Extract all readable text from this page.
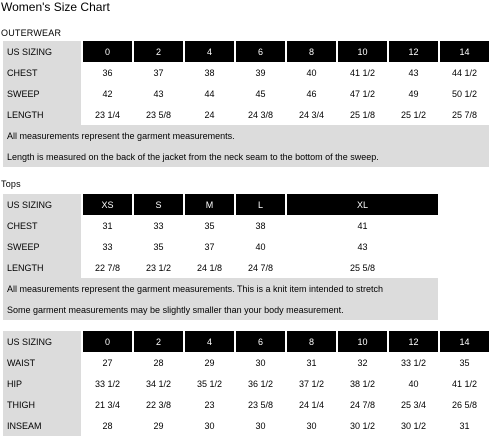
Women's Size Chart
OUTERWEAR
US SIZING	0	2	4	6	8	10	12	14
CHEST	36	37	38	39	40	41 1/2	43	44 1/2
SWEEP	42	43	44	45	46	47 1/2	49	50 1/2
LENGTH	23 1/4	23 5/8	24	24 3/8	24 3/4	25 1/8	25 1/2	25 7/8
All measurements represent the garment measurements.								
Length is measured on the back of the jacket from the neck seam to the bottom of the sweep.								
Tops
US SIZING	XS	S	M	L	XL
CHEST	31	33	35	38	41
SWEEP	33	35	37	40	43
LENGTH	22 7/8	23 1/2	24 1/8	24 7/8	25 5/8
All measurements represent the garment measurements. This is a knit item intended to stretch					
Some garment measurements may be slightly smaller than your body measurement.					
US SIZING	0	2	4	6	8	10	12	14
WAIST	27	28	29	30	31	32	33 1/2	35
HIP	33 1/2	34 1/2	35 1/2	36 1/2	37 1/2	38 1/2	40	41 1/2
THIGH	21 3/4	22 3/8	23	23 5/8	24 1/4	24 7/8	25 3/4	26 5/8
INSEAM	28	29	30	30	30	30 1/2	30 1/2	31
